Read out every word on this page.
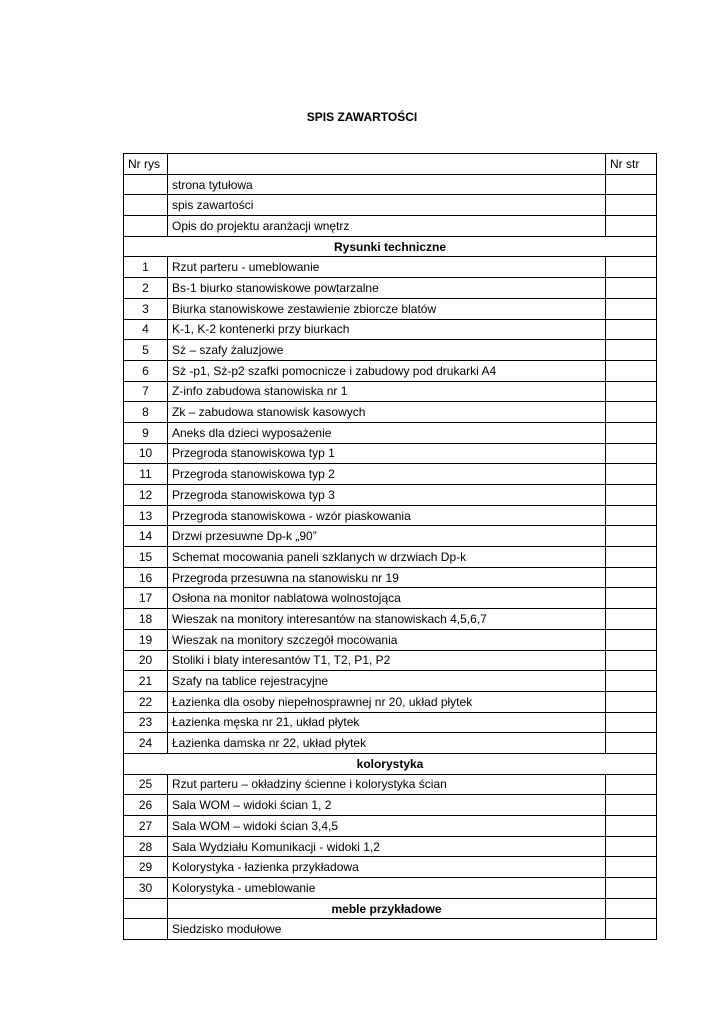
SPIS ZAWARTOŚCI
Nr rys		Nr str
	strona tytułowa	
	spis zawartości	
	Opis do projektu aranżacji wnętrz	
Rysunki techniczne		
1	Rzut parteru - umeblowanie	
2	Bs-1 biurko stanowiskowe powtarzalne	
3	Biurka stanowiskowe zestawienie zbiorcze blatów	
4	K-1, K-2 kontenerki przy biurkach	
5	Sż – szafy żaluzjowe	
6	Sż -p1, Sż-p2 szafki pomocnicze i zabudowy pod drukarki A4	
7	Z-info zabudowa stanowiska nr 1	
8	Zk – zabudowa stanowisk kasowych	
9	Aneks dla dzieci wyposażenie	
10	Przegroda stanowiskowa typ 1	
11	Przegroda stanowiskowa typ 2	
12	Przegroda stanowiskowa typ 3	
13	Przegroda stanowiskowa - wzór piaskowania	
14	Drzwi przesuwne Dp-k „90”	
15	Schemat mocowania paneli szklanych w drzwiach Dp-k	
16	Przegroda przesuwna na stanowisku nr 19	
17	Osłona na monitor nablatowa wolnostojąca	
18	Wieszak na monitory interesantów na stanowiskach 4,5,6,7	
19	Wieszak na monitory szczegół mocowania	
20	Stoliki i blaty interesantów T1, T2, P1, P2	
21	Szafy na tablice rejestracyjne	
22	Łazienka dla osoby niepełnosprawnej nr 20, układ płytek	
23	Łazienka męska nr 21, układ płytek	
24	Łazienka damska nr 22, układ płytek	
kolorystyka		
25	Rzut parteru – okładziny ścienne i kolorystyka ścian	
26	Sala WOM – widoki ścian 1, 2	
27	Sala WOM – widoki ścian 3,4,5	
28	Sala Wydziału Komunikacji - widoki 1,2	
29	Kolorystyka - łazienka przykładowa	
30	Kolorystyka - umeblowanie	
	meble przykładowe	
	Siedzisko modułowe	
